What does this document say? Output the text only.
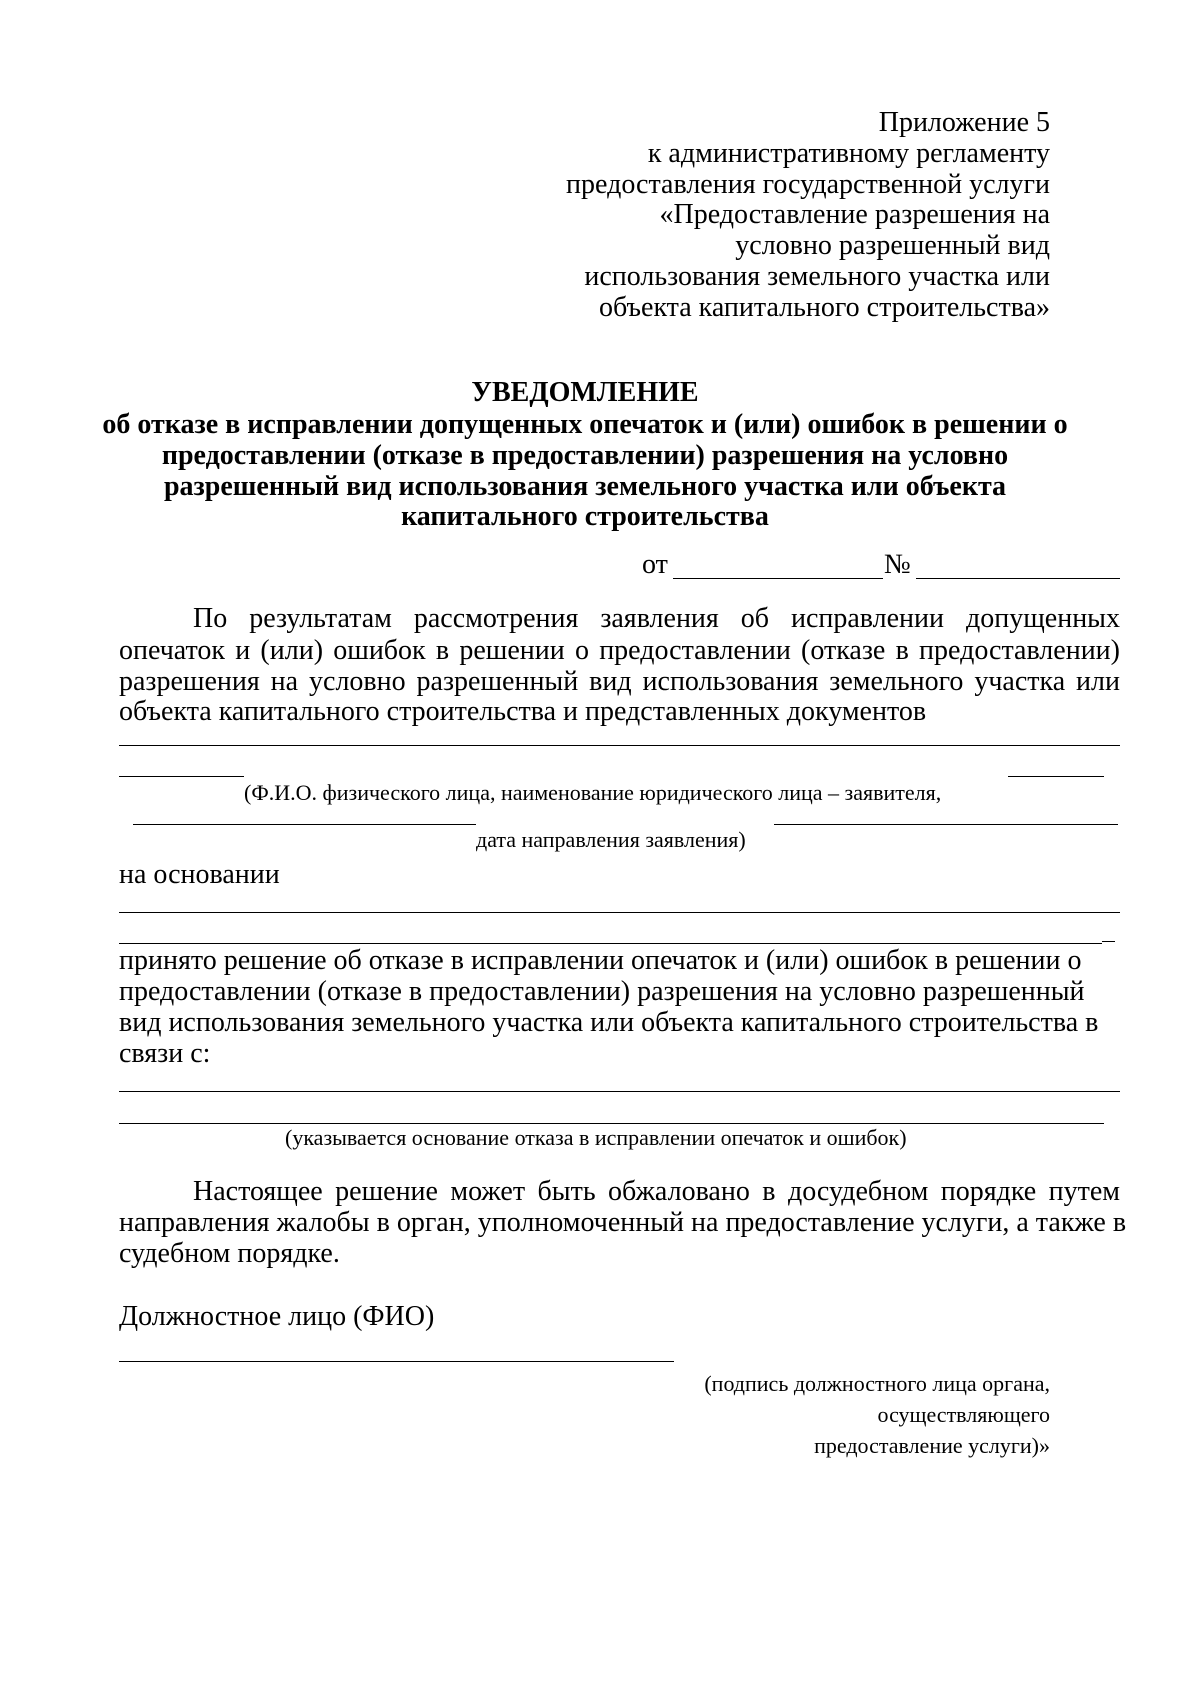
Приложение 5
к административному регламенту
предоставления государственной услуги
«Предоставление разрешения на
условно разрешенный вид
использования земельного участка или
объекта капитального строительства»
УВЕДОМЛЕНИЕ
об отказе в исправлении допущенных опечаток и (или) ошибок в решении о
предоставлении (отказе в предоставлении) разрешения на условно
разрешенный вид использования земельного участка или объекта
капитального строительства
от	№
По результатам рассмотрения заявления об исправлении допущенных
опечаток и (или) ошибок в решении о предоставлении (отказе в предоставлении)
разрешения на условно разрешенный вид использования земельного участка или
объекта капитального строительства и представленных документов
(Ф.И.О. физического лица, наименование юридического лица – заявителя,
дата направления заявления)
на основании
принято решение об отказе в исправлении опечаток и (или) ошибок в решении о
предоставлении (отказе в предоставлении) разрешения на условно разрешенный
вид использования земельного участка или объекта капитального строительства в
связи с:
(указывается основание отказа в исправлении опечаток и ошибок)
Настоящее решение может быть обжаловано в досудебном порядке путем
направления жалобы в орган, уполномоченный на предоставление услуги, а также в
судебном порядке.
Должностное лицо (ФИО)
(подпись должностного лица органа,
осуществляющего
предоставление услуги)»
